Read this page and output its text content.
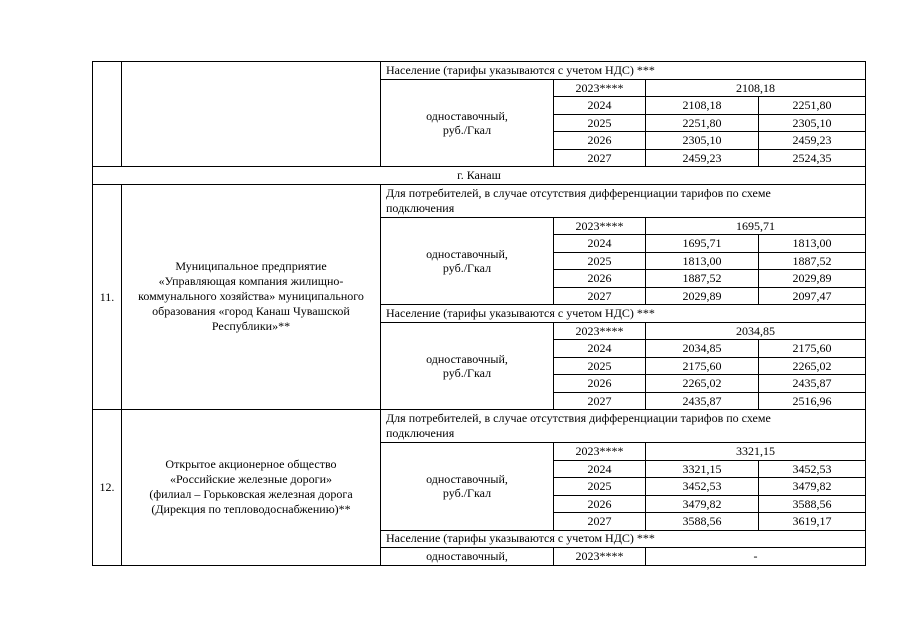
		Население (тарифы указываются с учетом НДС) ***			

		одноставочный,
руб./Гкал	2023****	2108,18	
			2024	2108,18	2251,80
			2025	2251,80	2305,10
			2026	2305,10	2459,23
			2027	2459,23	2524,35
г. Канаш					
11.	Муниципальное предприятие
«Управляющая компания жилищно-
коммунального хозяйства» муниципального
образования «город Канаш Чувашской
Республики»**	Для потребителей, в случае отсутствия дифференциации тарифов по схеме
подключения			

		одноставочный,
руб./Гкал	2023****	1695,71	
			2024	1695,71	1813,00
			2025	1813,00	1887,52
			2026	1887,52	2029,89
			2027	2029,89	2097,47

		Население (тарифы указываются с учетом НДС) ***			

		одноставочный,
руб./Гкал	2023****	2034,85	
			2024	2034,85	2175,60
			2025	2175,60	2265,02
			2026	2265,02	2435,87
			2027	2435,87	2516,96
12.	Открытое акционерное общество
«Российские железные дороги»
(филиал – Горьковская железная дорога
(Дирекция по тепловодоснабжению)**	Для потребителей, в случае отсутствия дифференциации тарифов по схеме
подключения			

		одноставочный,
руб./Гкал	2023****	3321,15	
			2024	3321,15	3452,53
			2025	3452,53	3479,82
			2026	3479,82	3588,56
			2027	3588,56	3619,17

		Население (тарифы указываются с учетом НДС) ***			

		одноставочный,	2023****	-	
